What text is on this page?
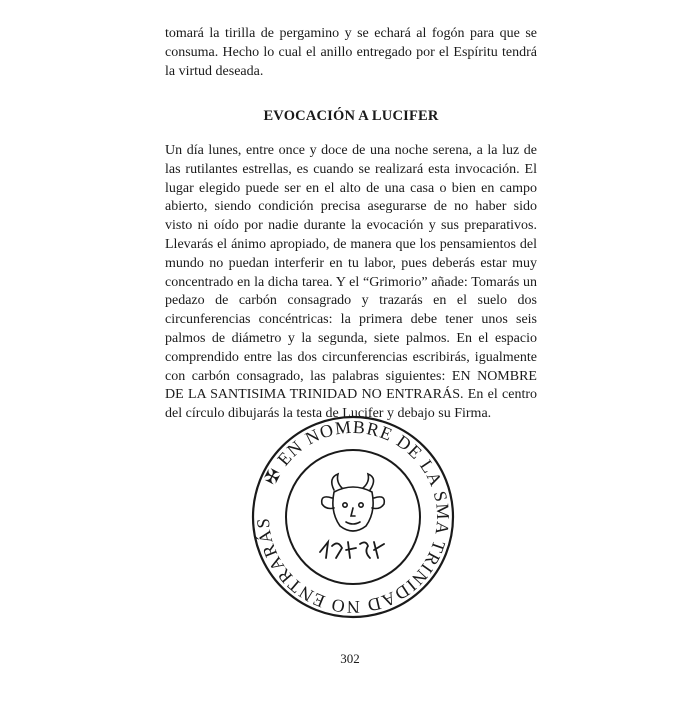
tomará la tirilla de pergamino y se echará al fogón para que se consuma. Hecho lo cual el anillo entregado por el Espíritu tendrá la virtud deseada.

EVOCACIÓN A LUCIFER

Un día lunes, entre once y doce de una noche serena, a la luz de las rutilantes estrellas, es cuando se realizará esta invocación. El lugar elegido puede ser en el alto de una casa o bien en campo abierto, siendo condición precisa asegurarse de no haber sido visto ni oído por nadie durante la evocación y sus preparativos. Llevarás el ánimo apropiado, de manera que los pensamientos del mundo no puedan interferir en tu labor, pues deberás estar muy concentrado en la dicha tarea. Y el “Grimorio” añade: Tomarás un pedazo de carbón consagrado y trazarás en el suelo dos circunferencias concéntricas: la primera debe tener unos seis palmos de diámetro y la segunda, siete palmos. En el espacio comprendido entre las dos circunferencias escribirás, igualmente con carbón consagrado, las palabras siguientes: EN NOMBRE DE LA SANTISIMA TRINIDAD NO ENTRARÁS. En el centro del círculo dibujarás la testa de Lucifer y debajo su Firma.

✠ EN NOMBRE DE LA SMA TRINIDAD NO ENTRARÁS
302
